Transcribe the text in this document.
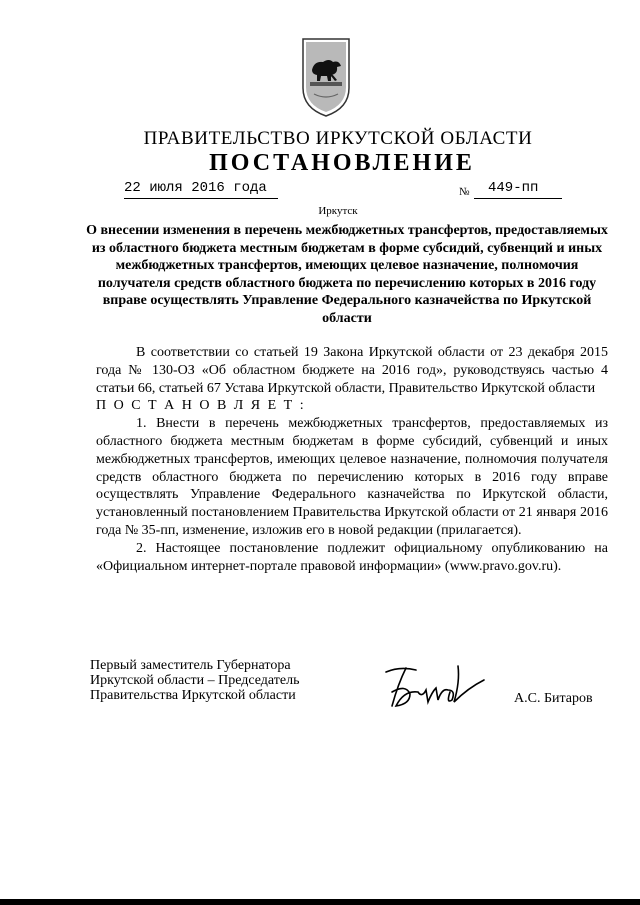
ПРАВИТЕЛЬСТВО ИРКУТСКОЙ ОБЛАСТИ
ПОСТАНОВЛЕНИЕ
22 июля 2016 года	№ 449-пп
Иркутск
О внесении изменения в перечень межбюджетных трансфертов, предоставляемых из областного бюджета местным бюджетам в форме субсидий, субвенций и иных межбюджетных трансфертов, имеющих целевое назначение, полномочия получателя средств областного бюджета по перечислению которых в 2016 году вправе осуществлять Управление Федерального казначейства по Иркутской области

В соответствии со статьей 19 Закона Иркутской области от 23 декабря 2015 года № 130-ОЗ «Об областном бюджете на 2016 год», руководствуясь частью 4 статьи 66, статьей 67 Устава Иркутской области, Правительство Иркутской области

П О С Т А Н О В Л Я Е Т :

1. Внести в перечень межбюджетных трансфертов, предоставляемых из областного бюджета местным бюджетам в форме субсидий, субвенций и иных межбюджетных трансфертов, имеющих целевое назначение, полномочия получателя средств областного бюджета по перечислению которых в 2016 году вправе осуществлять Управление Федерального казначейства по Иркутской области, установленный постановлением Правительства Иркутской области от 21 января 2016 года № 35-пп, изменение, изложив его в новой редакции (прилагается).

2. Настоящее постановление подлежит официальному опубликованию на «Официальном интернет-портале правовой информации» (www.pravo.gov.ru).

Первый заместитель Губернатора
Иркутской области – Председатель
Правительства Иркутской области	А.С. Битаров
